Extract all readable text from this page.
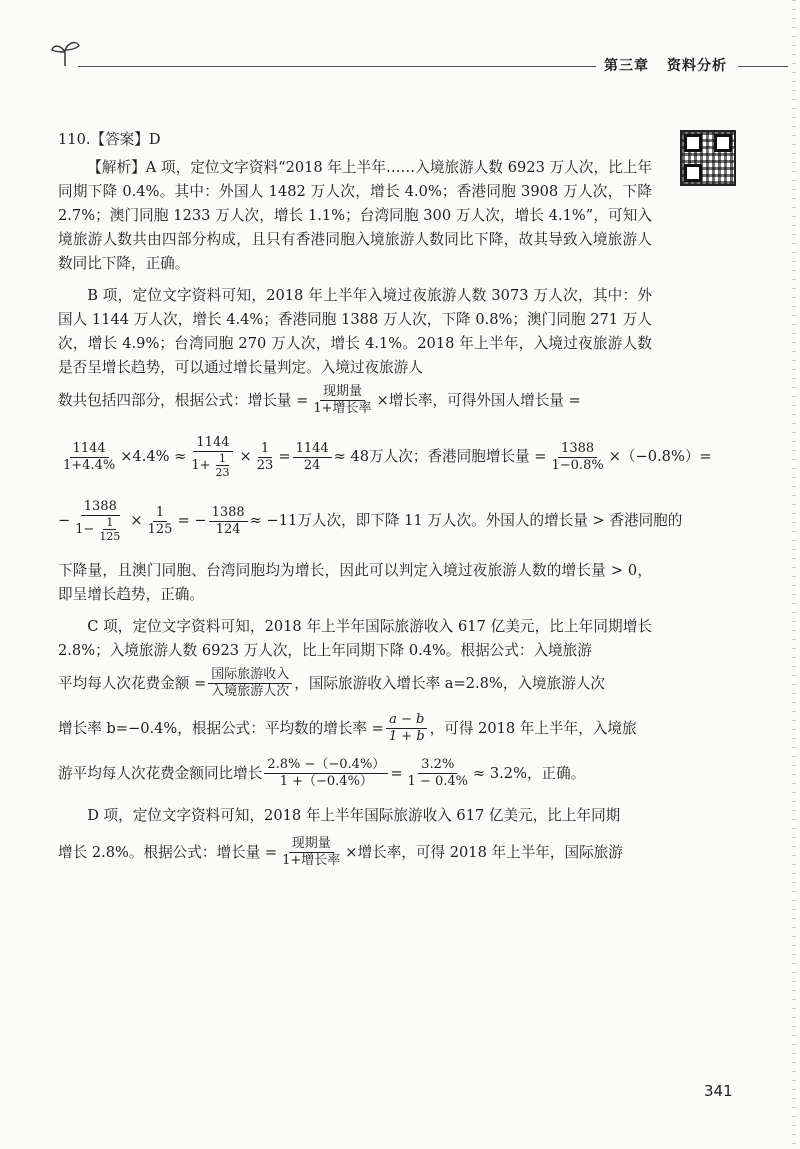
第三章 资料分析

110.【答案】D

【解析】A 项，定位文字资料“2018 年上半年……入境旅游人数 6923 万人次，比上年同期下降 0.4%。其中：外国人 1482 万人次，增长 4.0%；香港同胞 3908 万人次，下降 2.7%；澳门同胞 1233 万人次，增长 1.1%；台湾同胞 300 万人次，增长 4.1%”，可知入境旅游人数共由四部分构成，且只有香港同胞入境旅游人数同比下降，故其导致入境旅游人数同比下降，正确。

B 项，定位文字资料可知，2018 年上半年入境过夜旅游人数 3073 万人次，其中：外国人 1144 万人次，增长 4.4%；香港同胞 1388 万人次，下降 0.8%；澳门同胞 271 万人次，增长 4.9%；台湾同胞 270 万人次，增长 4.1%。2018 年上半年，入境过夜旅游人数是否呈增长趋势，可以通过增长量判定。入境过夜旅游人

数共包括四部分，根据公式：增长量 = $\frac{\text{现期量}}{\text{1+增长率}}$ ×增长率，可得外国人增长量 =
$\frac{1144}{1+4.4\%} \times 4.4\% \approx \frac{1144}{1+ \frac{1}{23}} \times \frac{1}{23} = \frac{1144}{24} \approx 48$万人次；香港同胞增长量 = $\frac{1388}{1-0.8\%} \times(-0.8\%)=$
− $\frac{1388}{1- \frac{1}{125}} \times \frac{1}{125}$ = − $\frac{1388}{124} \approx -11$万人次，即下降 11 万人次。外国人的增长量 > 香港同胞的

下降量，且澳门同胞、台湾同胞均为增长，因此可以判定入境过夜旅游人数的增长量 > 0，即呈增长趋势，正确。

C 项，定位文字资料可知，2018 年上半年国际旅游收入 617 亿美元，比上年同期增长 2.8%；入境旅游人数 6923 万人次，比上年同期下降 0.4%。根据公式：入境旅游

平均每人次花费金额 = $\frac{\text{国际旅游收入}}{\text{入境旅游人次}}$ ，国际旅游收入增长率 a=2.8%，入境旅游人次
增长率 b=−0.4%，根据公式：平均数的增长率 = $\frac{a - b}{1 + b}$ ，可得 2018 年上半年，入境旅
游平均每人次花费金额同比增长 $\frac{2.8\% -(-0.4\%)}{1 +(-0.4\%)} = \frac{3.2\%}{1 - 0.4\%} \approx 3.2\%$，正确。

D 项，定位文字资料可知，2018 年上半年国际旅游收入 617 亿美元，比上年同期

增长 2.8%。根据公式：增长量 = $\frac{\text{现期量}}{\text{1+增长率}}$ ×增长率，可得 2018 年上半年，国际旅游
341
